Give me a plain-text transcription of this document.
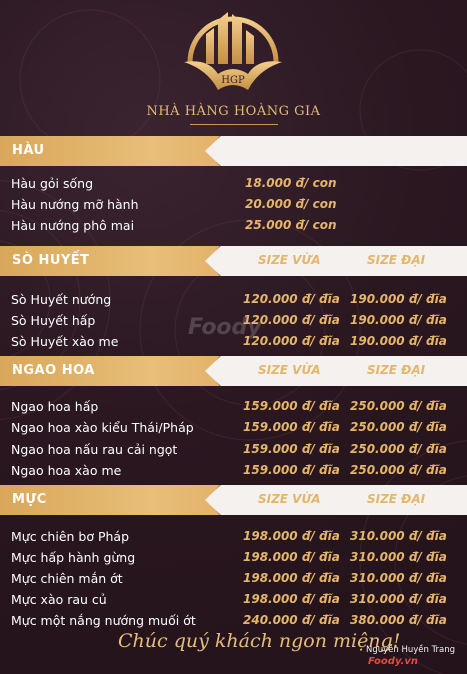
HGP
NHÀ HÀNG HOÀNG GIA
Foody
HÀU
Hàu gỏi sống	18.000 đ/ con
Hàu nướng mỡ hành	20.000 đ/ con
Hàu nướng phô mai	25.000 đ/ con
SÒ HUYẾT	SIZE VỪA	SIZE ĐẠI
Sò Huyết nướng	120.000 đ/ đĩa 190.000 đ/ đĩa
Sò Huyết hấp	120.000 đ/ đĩa 190.000 đ/ đĩa
Sò Huyết xào me	120.000 đ/ đĩa 190.000 đ/ đĩa
NGAO HOA	SIZE VỪA	SIZE ĐẠI
Ngao hoa hấp	159.000 đ/ đĩa 250.000 đ/ đĩa
Ngao hoa xào kiểu Thái/Pháp	159.000 đ/ đĩa 250.000 đ/ đĩa
Ngao hoa nấu rau cải ngọt	159.000 đ/ đĩa 250.000 đ/ đĩa
Ngao hoa xào me	159.000 đ/ đĩa 250.000 đ/ đĩa
MỰC	SIZE VỪA	SIZE ĐẠI
Mực chiên bơ Pháp	198.000 đ/ đĩa 310.000 đ/ đĩa
Mực hấp hành gừng	198.000 đ/ đĩa 310.000 đ/ đĩa
Mực chiên mắn ớt	198.000 đ/ đĩa 310.000 đ/ đĩa
Mực xào rau củ	198.000 đ/ đĩa 310.000 đ/ đĩa
Mực một nắng nướng muối ớt	240.000 đ/ đĩa 380.000 đ/ đĩa
Chúc quý khách ngon miệng!
Nguyễn Huyền Trang
Foody.vn
